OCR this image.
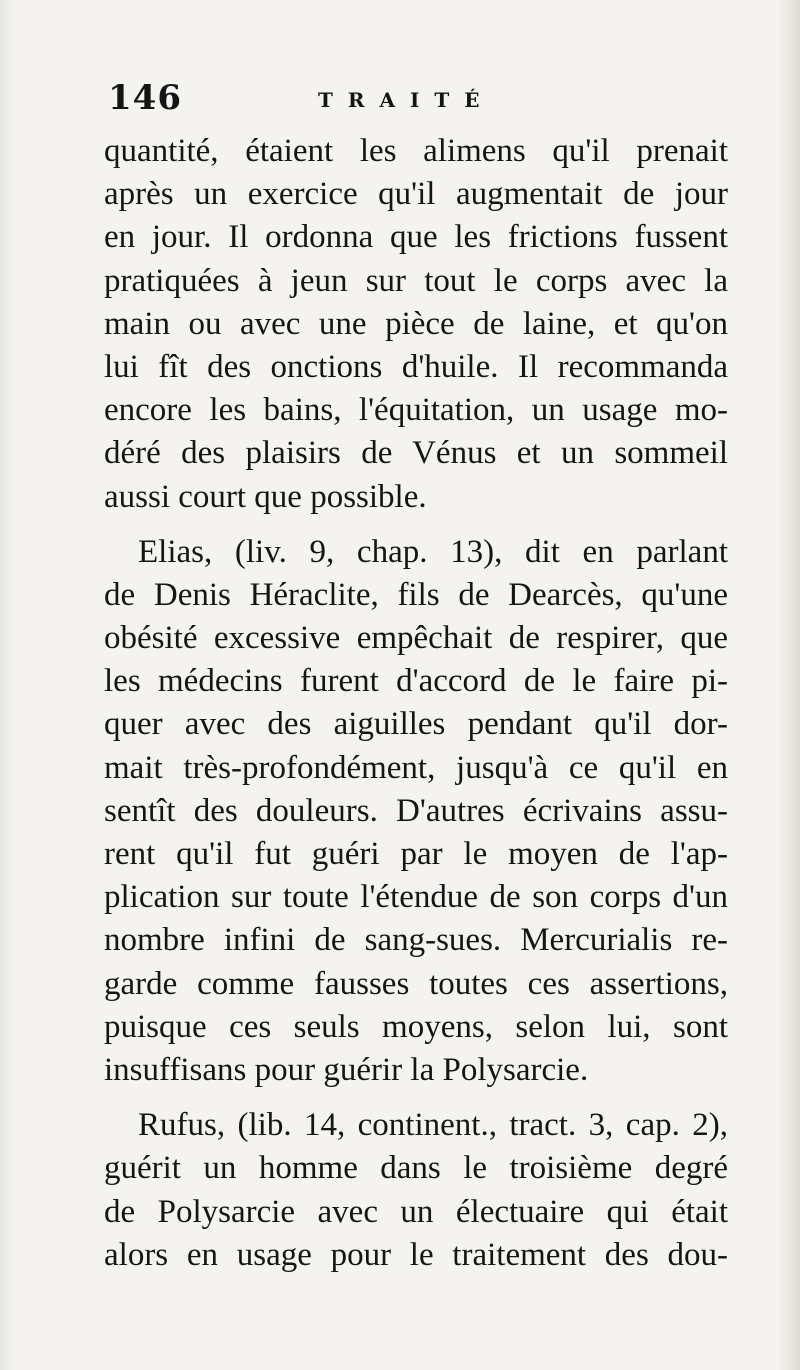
146	TRAITÉ
quantité, étaient les alimens qu'il prenait
après un exercice qu'il augmentait de jour
en jour. Il ordonna que les frictions fussent
pratiquées à jeun sur tout le corps avec la
main ou avec une pièce de laine, et qu'on
lui fît des onctions d'huile. Il recommanda
encore les bains, l'équitation, un usage mo-
déré des plaisirs de Vénus et un sommeil
aussi court que possible.
Elias, (liv. 9, chap. 13), dit en parlant
de Denis Héraclite, fils de Dearcès, qu'une
obésité excessive empêchait de respirer, que
les médecins furent d'accord de le faire pi-
quer avec des aiguilles pendant qu'il dor-
mait très-profondément, jusqu'à ce qu'il en
sentît des douleurs. D'autres écrivains assu-
rent qu'il fut guéri par le moyen de l'ap-
plication sur toute l'étendue de son corps d'un
nombre infini de sang-sues. Mercurialis re-
garde comme fausses toutes ces assertions,
puisque ces seuls moyens, selon lui, sont
insuffisans pour guérir la Polysarcie.
Rufus, (lib. 14, continent., tract. 3, cap. 2),
guérit un homme dans le troisième degré
de Polysarcie avec un électuaire qui était
alors en usage pour le traitement des dou-
